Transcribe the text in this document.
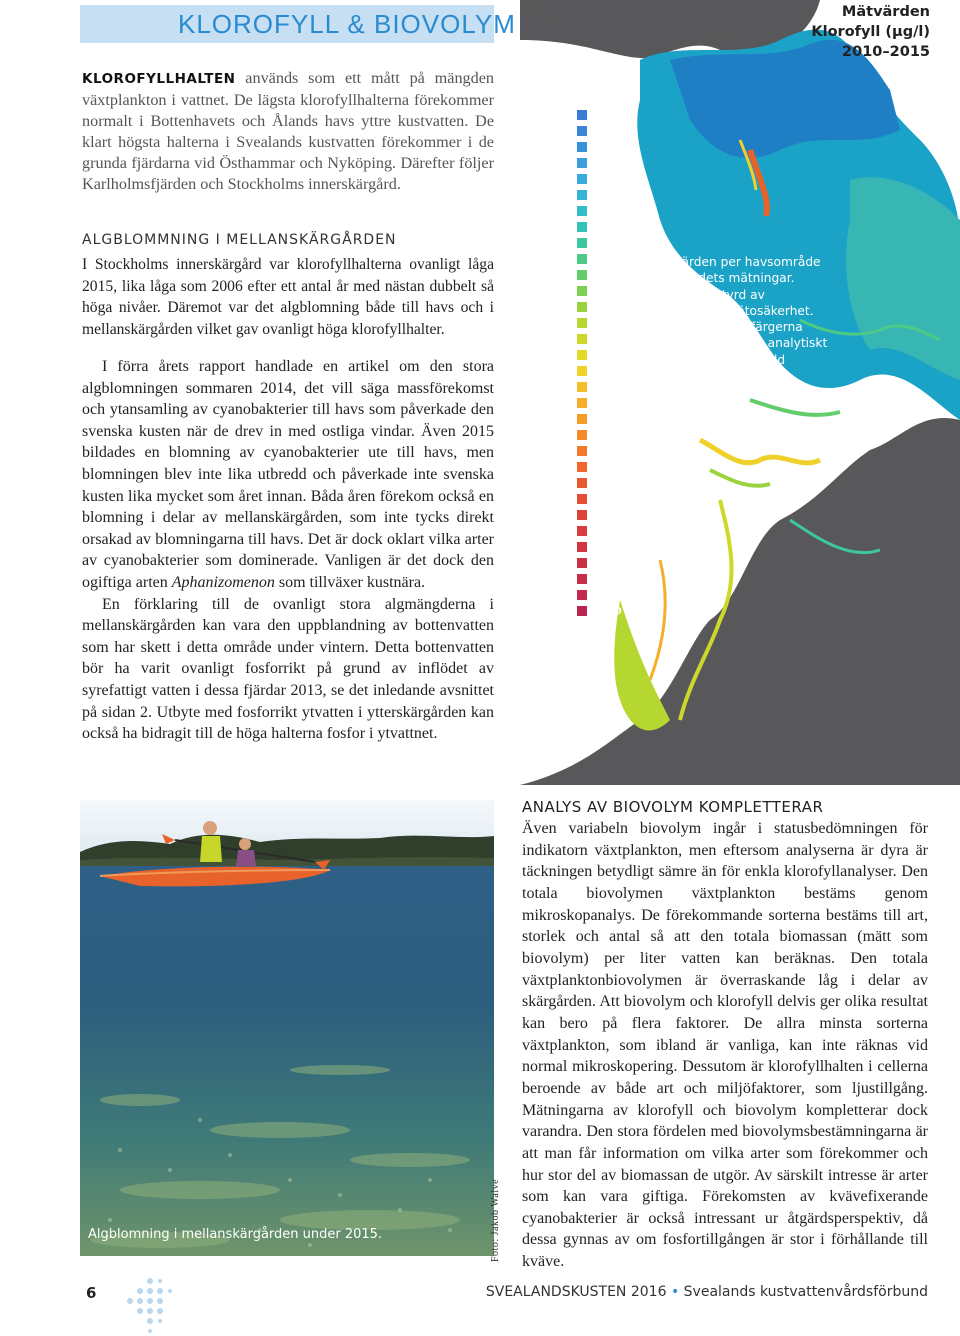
KLOROFYLL & BIOVOLYM
KLOROFYLLHALTEN används som ett mått på mängden växtplankton i vattnet. De lägsta klorofyllhalterna förekommer normalt i Bottenhavets och Ålands havs yttre kustvatten. De klart högsta halterna i Svealands kustvatten förekommer i de grunda fjärdarna vid Östhammar och Nyköping. Därefter följer Karlholmsfjärden och Stockholms innerskärgård.
ALGBLOMMNING I MELLANSKÄRGÅRDEN
I Stockholms innerskärgård var klorofyllhalterna ovanligt låga 2015, lika låga som 2006 efter ett antal år med nästan dubbelt så höga nivåer. Däremot var det algblomning både till havs och i mellanskärgården vilket gav ovanligt höga klorofyllhalter.

I förra årets rapport handlade en artikel om den stora algblomningen sommaren 2014, det vill säga massförekomst och ytansamling av cyanobakterier till havs som påverkade den svenska kusten när de drev in med ostliga vindar. Även 2015 bildades en blomning av cyanobakterier ute till havs, men blomningen blev inte lika utbredd och påverkade inte svenska kusten lika mycket som året innan. Båda åren förekom också en blomning i delar av mellanskärgården, som inte tycks direkt orsakad av blomningarna till havs. Det är dock oklart vilka arter av cyanobakterier som dominerade. Vanligen är det dock den ogiftiga arten Aphanizomenon som tillväxer kustnära.

En förklaring till de ovanligt stora algmängderna i mellanskärgården kan vara den uppblandning av bottenvatten som har skett i detta område under vintern. Detta bottenvatten bör ha varit ovanligt fosforrikt på grund av inflödet av syrefattigt vatten i dessa fjärdar 2013, se det inledande avsnittet på sidan 2. Utbyte med fosforrikt ytvatten i ytterskärgården kan också ha bidragit till de höga halterna fosfor i ytvattnet.

Algblomning i mellanskärgården under 2015.	Foto: Jakob Walve
Mätvärden
Klorofyll (µg/l)
2010–2015
2,2
2,4
2,6
2,8
3,0
3,25
3,5
3,8
4,1
4,45
4,8
5,2
5,6
6,0
6,5
7,0
7,6
8,2
8,9
9,6
10,4
11,3
12,3
13,4
14,6
15,8
17,1
18,5
20,0
21,7
23,5
30,0
Medianvärden per havsområde från förbundets mätningar. Färgskalan är styrd av medianvärdets mätosäkerhet. Det betyder att om färgerna skiljer sig finns det en analytiskt och statistiskt säkerställd skillnad.
ANALYS AV BIOVOLYM KOMPLETTERAR
Även variabeln biovolym ingår i statusbedömningen för indikatorn växtplankton, men eftersom analyserna är dyra är täckningen betydligt sämre än för enkla klorofyllanalyser. Den totala biovolymen växtplankton bestäms genom mikroskopanalys. De förekommande sorterna bestäms till art, storlek och antal så att den totala biomassan (mätt som biovolym) per liter vatten kan beräknas. Den totala växtplanktonbiovolymen är överraskande låg i delar av skärgården. Att biovolym och klorofyll delvis ger olika resultat kan bero på flera faktorer. De allra minsta sorterna växtplankton, som ibland är vanliga, kan inte räknas vid normal mikroskopering. Dessutom är klorofyllhalten i cellerna beroende av både art och miljöfaktorer, som ljustillgång. Mätningarna av klorofyll och biovolym kompletterar dock varandra. Den stora fördelen med biovolymsbestämningarna är att man får information om vilka arter som förekommer och hur stor del av biomassan de utgör. Av särskilt intresse är arter som kan vara giftiga. Förekomsten av kvävefixerande cyanobakterier är också intressant ur åtgärdsperspektiv, då dessa gynnas av om fosfortillgången är stor i förhållande till kväve.
6	SVEALANDSKUSTEN 2016 • Svealands kustvattenvårdsförbund
